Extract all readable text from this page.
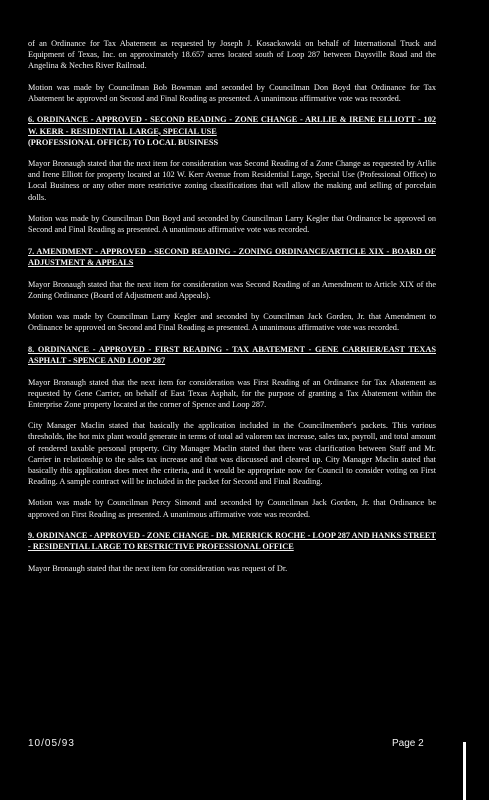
of an Ordinance for Tax Abatement as requested by Joseph J. Kosackowski on behalf of International Truck and Equipment of Texas, Inc. on approximately 18.657 acres located south of Loop 287 between Daysville Road and the Angelina & Neches River Railroad.

Motion was made by Councilman Bob Bowman and seconded by Councilman Don Boyd that Ordinance for Tax Abatement be approved on Second and Final Reading as presented. A unanimous affirmative vote was recorded.

6. ORDINANCE - APPROVED - SECOND READING - ZONE CHANGE - ARLLIE & IRENE ELLIOTT - 102 W. KERR - RESIDENTIAL LARGE, SPECIAL USE
(PROFESSIONAL OFFICE) TO LOCAL BUSINESS

Mayor Bronaugh stated that the next item for consideration was Second Reading of a Zone Change as requested by Arllie and Irene Elliott for property located at 102 W. Kerr Avenue from Residential Large, Special Use (Professional Office) to Local Business or any other more restrictive zoning classifications that will allow the making and selling of porcelain dolls.

Motion was made by Councilman Don Boyd and seconded by Councilman Larry Kegler that Ordinance be approved on Second and Final Reading as presented. A unanimous affirmative vote was recorded.

7. AMENDMENT - APPROVED - SECOND READING - ZONING ORDINANCE/ARTICLE XIX - BOARD OF ADJUSTMENT & APPEALS

Mayor Bronaugh stated that the next item for consideration was Second Reading of an Amendment to Article XIX of the Zoning Ordinance (Board of Adjustment and Appeals).

Motion was made by Councilman Larry Kegler and seconded by Councilman Jack Gorden, Jr. that Amendment to Ordinance be approved on Second and Final Reading as presented. A unanimous affirmative vote was recorded.

8. ORDINANCE - APPROVED - FIRST READING - TAX ABATEMENT - GENE CARRIER/EAST TEXAS ASPHALT - SPENCE AND LOOP 287

Mayor Bronaugh stated that the next item for consideration was First Reading of an Ordinance for Tax Abatement as requested by Gene Carrier, on behalf of East Texas Asphalt, for the purpose of granting a Tax Abatement within the Enterprise Zone property located at the corner of Spence and Loop 287.

City Manager Maclin stated that basically the application included in the Councilmember's packets. This various thresholds, the hot mix plant would generate in terms of total ad valorem tax increase, sales tax, payroll, and total amount of rendered taxable personal property. City Manager Maclin stated that there was clarification between Staff and Mr. Carrier in relationship to the sales tax increase and that was discussed and cleared up. City Manager Maclin stated that basically this application does meet the criteria, and it would be appropriate now for Council to consider voting on First Reading. A sample contract will be included in the packet for Second and Final Reading.

Motion was made by Councilman Percy Simond and seconded by Councilman Jack Gorden, Jr. that Ordinance be approved on First Reading as presented. A unanimous affirmative vote was recorded.

9. ORDINANCE - APPROVED - ZONE CHANGE - DR. MERRICK ROCHE - LOOP 287 AND HANKS STREET - RESIDENTIAL LARGE TO RESTRICTIVE PROFESSIONAL OFFICE

Mayor Bronaugh stated that the next item for consideration was request of Dr.

10/05/93	Page 2
